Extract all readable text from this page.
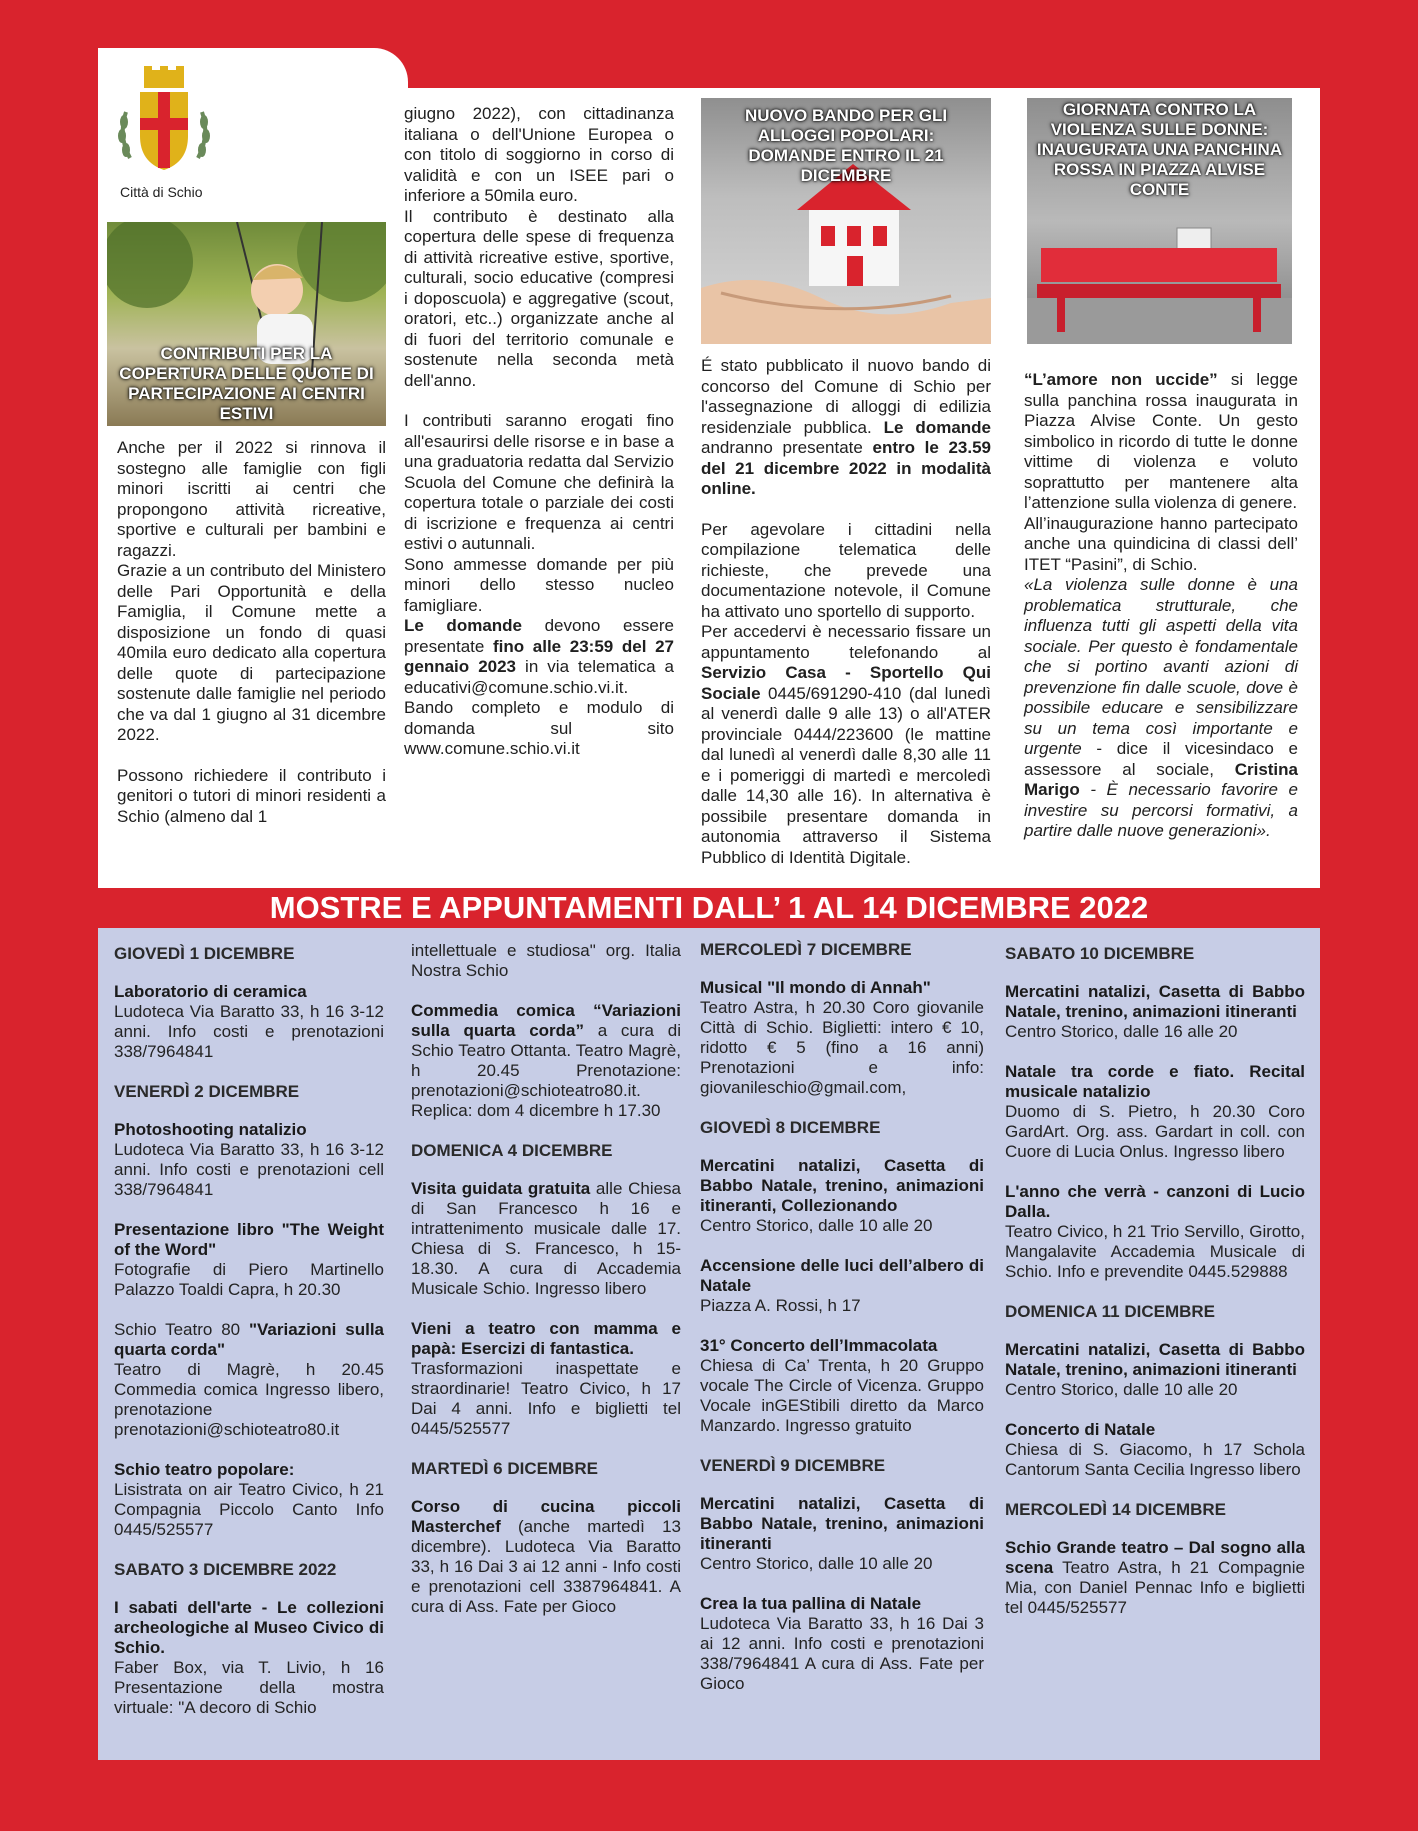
Città di Schio
CONTRIBUTI PER LA COPERTURA DELLE QUOTE DI PARTECIPAZIONE AI CENTRI ESTIVI

Anche per il 2022 si rinnova il sostegno alle famiglie con figli minori iscritti ai centri che propongono attività ricreative, sportive e culturali per bambini e ragazzi.

Grazie a un contributo del Ministero delle Pari Opportunità e della Famiglia, il Comune mette a disposizione un fondo di quasi 40mila euro dedicato alla copertura delle quote di partecipazione sostenute dalle famiglie nel periodo che va dal 1 giugno al 31 dicembre 2022.

Possono richiedere il contributo i genitori o tutori di minori residenti a Schio (almeno dal 1

giugno 2022), con cittadinanza italiana o dell'Unione Europea o con titolo di soggiorno in corso di validità e con un ISEE pari o inferiore a 50mila euro.

Il contributo è destinato alla copertura delle spese di frequenza di attività ricreative estive, sportive, culturali, socio educative (compresi i doposcuola) e aggregative (scout, oratori, etc..) organizzate anche al di fuori del territorio comunale e sostenute nella seconda metà dell'anno.

I contributi saranno erogati fino all'esaurirsi delle risorse e in base a una graduatoria redatta dal Servizio Scuola del Comune che definirà la copertura totale o parziale dei costi di iscrizione e frequenza ai centri estivi o autunnali.

Sono ammesse domande per più minori dello stesso nucleo famigliare.

Le domande devono essere presentate fino alle 23:59 del 27 gennaio 2023 in via telematica a educativi@comune.schio.vi.it.

Bando completo e modulo di domanda sul sito www.comune.schio.vi.it

NUOVO BANDO PER GLI ALLOGGI POPOLARI: DOMANDE ENTRO IL 21 DICEMBRE

É stato pubblicato il nuovo bando di concorso del Comune di Schio per l'assegnazione di alloggi di edilizia residenziale pubblica. Le domande andranno presentate entro le 23.59 del 21 dicembre 2022 in modalità online.

Per agevolare i cittadini nella compilazione telematica delle richieste, che prevede una documentazione notevole, il Comune ha attivato uno sportello di supporto.

Per accedervi è necessario fissare un appuntamento telefonando al Servizio Casa - Sportello Qui Sociale 0445/691290-410 (dal lunedì al venerdì dalle 9 alle 13) o all'ATER provinciale 0444/223600 (le mattine dal lunedì al venerdì dalle 8,30 alle 11 e i pomeriggi di martedì e mercoledì dalle 14,30 alle 16). In alternativa è possibile presentare domanda in autonomia attraverso il Sistema Pubblico di Identità Digitale.

GIORNATA CONTRO LA VIOLENZA SULLE DONNE: INAUGURATA UNA PANCHINA ROSSA IN PIAZZA ALVISE CONTE

“L’amore non uccide” si legge sulla panchina rossa inaugurata in Piazza Alvise Conte. Un gesto simbolico in ricordo di tutte le donne vittime di violenza e voluto soprattutto per mantenere alta l’attenzione sulla violenza di genere.

All’inaugurazione hanno partecipato anche una quindicina di classi dell’ ITET “Pasini”, di Schio.

«La violenza sulle donne è una problematica strutturale, che influenza tutti gli aspetti della vita sociale. Per questo è fondamentale che si portino avanti azioni di prevenzione fin dalle scuole, dove è possibile educare e sensibilizzare su un tema così importante e urgente - dice il vicesindaco e assessore al sociale, Cristina Marigo - È necessario favorire e investire su percorsi formativi, a partire dalle nuove generazioni».

MOSTRE E APPUNTAMENTI DALL’ 1 AL 14 DICEMBRE 2022
GIOVEDÌ 1 DICEMBRE
Laboratorio di ceramica
Ludoteca Via Baratto 33, h 16 3-12 anni. Info costi e prenotazioni 338/7964841
VENERDÌ 2 DICEMBRE
Photoshooting natalizio
Ludoteca Via Baratto 33, h 16 3-12 anni. Info costi e prenotazioni cell 338/7964841
Presentazione libro "The Weight of the Word"
Fotografie di Piero Martinello Palazzo Toaldi Capra, h 20.30
Schio Teatro 80 "Variazioni sulla quarta corda"
Teatro di Magrè, h 20.45 Commedia comica Ingresso libero, prenotazione prenotazioni@schioteatro80.it
Schio teatro popolare:
Lisistrata on air Teatro Civico, h 21 Compagnia Piccolo Canto Info 0445/525577
SABATO 3 DICEMBRE 2022
I sabati dell'arte - Le collezioni archeologiche al Museo Civico di Schio.
Faber Box, via T. Livio, h 16 Presentazione della mostra virtuale: "A decoro di Schio
intellettuale e studiosa" org. Italia Nostra Schio
Commedia comica “Variazioni sulla quarta corda” a cura di Schio Teatro Ottanta. Teatro Magrè, h 20.45 Prenotazione: prenotazioni@schioteatro80.it. Replica: dom 4 dicembre h 17.30
DOMENICA 4 DICEMBRE
Visita guidata gratuita alle Chiesa di San Francesco h 16 e intrattenimento musicale dalle 17. Chiesa di S. Francesco, h 15-18.30. A cura di Accademia Musicale Schio. Ingresso libero
Vieni a teatro con mamma e papà: Esercizi di fantastica.
Trasformazioni inaspettate e straordinarie! Teatro Civico, h 17 Dai 4 anni. Info e biglietti tel 0445/525577
MARTEDÌ 6 DICEMBRE
Corso di cucina piccoli Masterchef (anche martedì 13 dicembre). Ludoteca Via Baratto 33, h 16 Dai 3 ai 12 anni - Info costi e prenotazioni cell 3387964841. A cura di Ass. Fate per Gioco
MERCOLEDÌ 7 DICEMBRE
Musical "Il mondo di Annah"
Teatro Astra, h 20.30 Coro giovanile Città di Schio. Biglietti: intero € 10, ridotto € 5 (fino a 16 anni) Prenotazioni e info: giovanileschio@gmail.com,
GIOVEDÌ 8 DICEMBRE
Mercatini natalizi, Casetta di Babbo Natale, trenino, animazioni itineranti, Collezionando
Centro Storico, dalle 10 alle 20
Accensione delle luci dell’albero di Natale
Piazza A. Rossi, h 17
31° Concerto dell’Immacolata
Chiesa di Ca’ Trenta, h 20 Gruppo vocale The Circle of Vicenza. Gruppo Vocale inGEStibili diretto da Marco Manzardo. Ingresso gratuito
VENERDÌ 9 DICEMBRE
Mercatini natalizi, Casetta di Babbo Natale, trenino, animazioni itineranti
Centro Storico, dalle 10 alle 20
Crea la tua pallina di Natale
Ludoteca Via Baratto 33, h 16 Dai 3 ai 12 anni. Info costi e prenotazioni 338/7964841 A cura di Ass. Fate per Gioco
SABATO 10 DICEMBRE
Mercatini natalizi, Casetta di Babbo Natale, trenino, animazioni itineranti
Centro Storico, dalle 16 alle 20
Natale tra corde e fiato. Recital musicale natalizio
Duomo di S. Pietro, h 20.30 Coro GardArt. Org. ass. Gardart in coll. con Cuore di Lucia Onlus. Ingresso libero
L'anno che verrà - canzoni di Lucio Dalla.
Teatro Civico, h 21 Trio Servillo, Girotto, Mangalavite Accademia Musicale di Schio. Info e prevendite 0445.529888
DOMENICA 11 DICEMBRE
Mercatini natalizi, Casetta di Babbo Natale, trenino, animazioni itineranti
Centro Storico, dalle 10 alle 20
Concerto di Natale
Chiesa di S. Giacomo, h 17 Schola Cantorum Santa Cecilia Ingresso libero
MERCOLEDÌ 14 DICEMBRE
Schio Grande teatro – Dal sogno alla scena Teatro Astra, h 21 Compagnie Mia, con Daniel Pennac Info e biglietti tel 0445/525577
